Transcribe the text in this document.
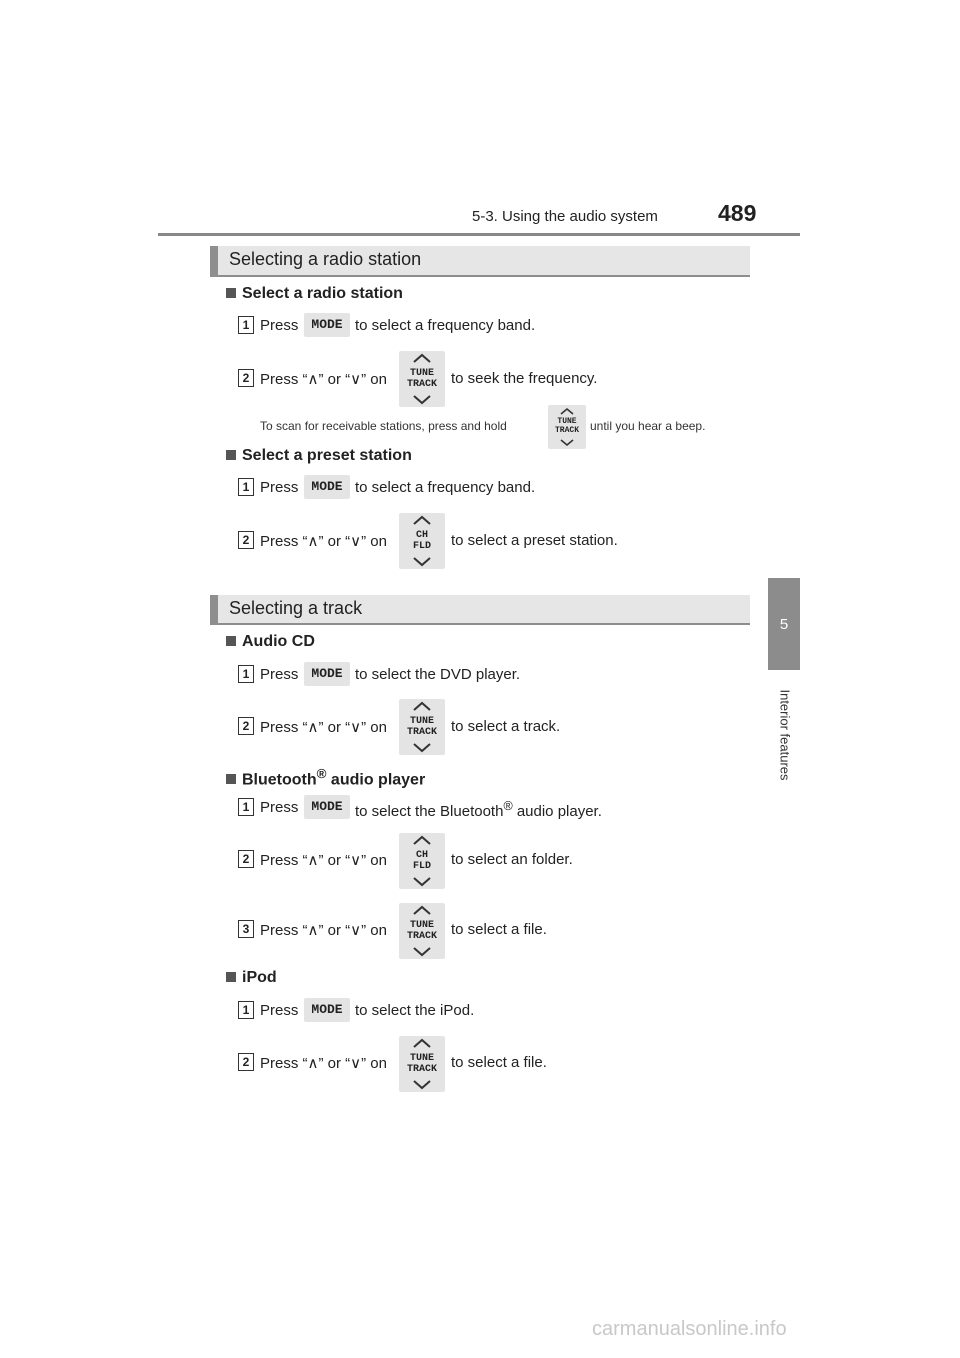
5-3. Using the audio system	489
5
Interior features
Selecting a radio station
Select a radio station
1 Press	MODE to select a frequency band.
2 Press “∧” or “∨” on	TUNE
TRACK to seek the frequency.
To scan for receivable stations, press and hold	TUNE
TRACK until you hear a beep.
Select a preset station
1 Press	MODE to select a frequency band.
2 Press “∧” or “∨” on	CH
FLD	to select a preset station.
Selecting a track
Audio CD
1 Press	MODE to select the DVD player.
2 Press “∧” or “∨” on	TUNE
TRACK to select a track.
Bluetooth® audio player
1 Press	MODE to select the Bluetooth® audio player.
2 Press “∧” or “∨” on	CH
FLD	to select an folder.
3 Press “∧” or “∨” on	TUNE
TRACK to select a file.
iPod
1 Press	MODE to select the iPod.
2 Press “∧” or “∨” on	TUNE
TRACK to select a file.
carmanualsonline.info
